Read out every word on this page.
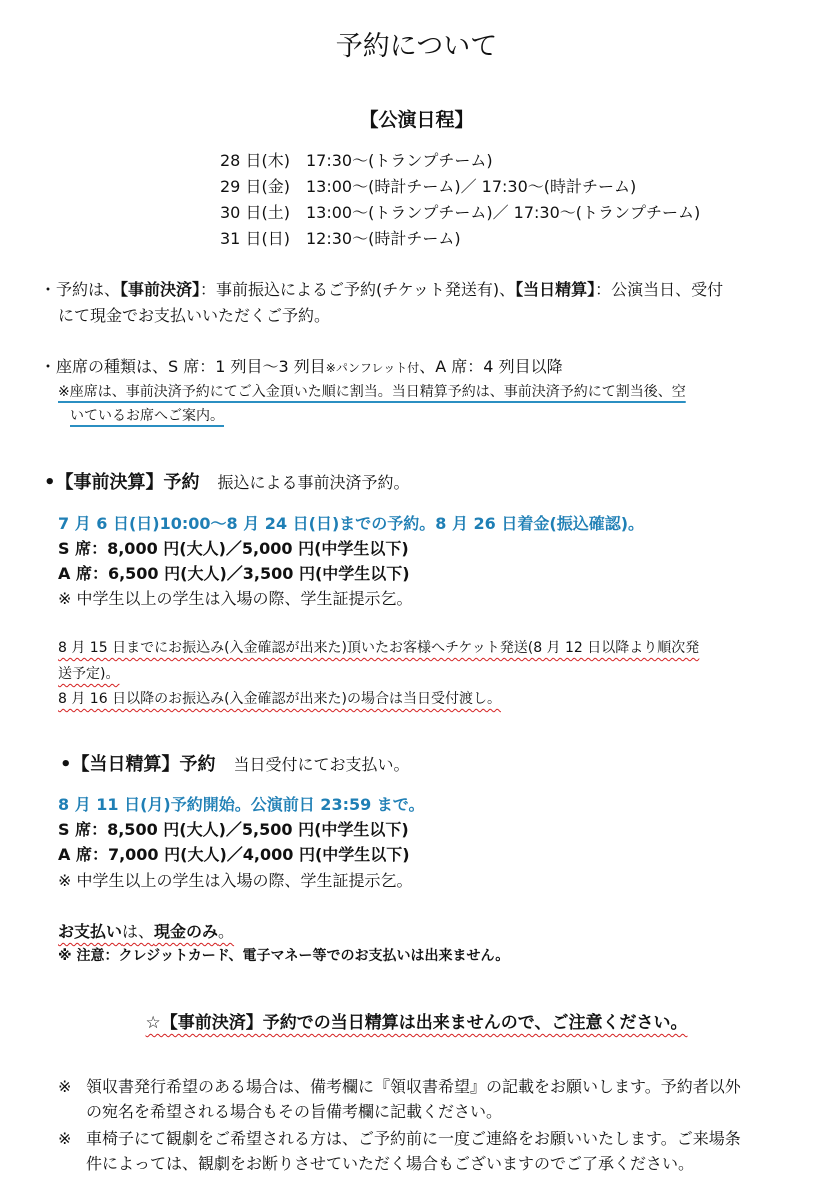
予約について
【公演日程】
28 日(木) 17:30〜(トランプチーム)
29 日(金) 13:00〜(時計チーム)／ 17:30〜(時計チーム)
30 日(土) 13:00〜(トランプチーム)／ 17:30〜(トランプチーム)
31 日(日) 12:30〜(時計チーム)
・予約は、【事前決済】：事前振込によるご予約(チケット発送有)、【当日精算】：公演当日、受付
にて現金でお支払いいただくご予約。
・座席の種類は、S 席：1 列目〜3 列目※パンフレット付、A 席：4 列目以降
※座席は、事前決済予約にてご入金頂いた順に割当。当日精算予約は、事前決済予約にて割当後、空
いているお席へご案内。
•【事前決算】予約 振込による事前決済予約。
7 月 6 日(日)10:00〜8 月 24 日(日)までの予約。8 月 26 日着金(振込確認)。
S 席：8,000 円(大人)／5,000 円(中学生以下)
A 席：6,500 円(大人)／3,500 円(中学生以下)
※ 中学生以上の学生は入場の際、学生証提示乞。
8 月 15 日までにお振込み(入金確認が出来た)頂いたお客様へチケット発送(8 月 12 日以降より順次発
送予定)。
8 月 16 日以降のお振込み(入金確認が出来た)の場合は当日受付渡し。
•【当日精算】予約 当日受付にてお支払い。
8 月 11 日(月)予約開始。公演前日 23:59 まで。
S 席：8,500 円(大人)／5,500 円(中学生以下)
A 席：7,000 円(大人)／4,000 円(中学生以下)
※ 中学生以上の学生は入場の際、学生証提示乞。
お支払いは、現金のみ。
※ 注意：クレジットカード、電子マネー等でのお支払いは出来ません。
☆【事前決済】予約での当日精算は出来ませんので、ご注意ください。
※ 領収書発行希望のある場合は、備考欄に『領収書希望』の記載をお願いします。予約者以外
の宛名を希望される場合もその旨備考欄に記載ください。
※ 車椅子にて観劇をご希望される方は、ご予約前に一度ご連絡をお願いいたします。ご来場条
件によっては、観劇をお断りさせていただく場合もございますのでご了承ください。
